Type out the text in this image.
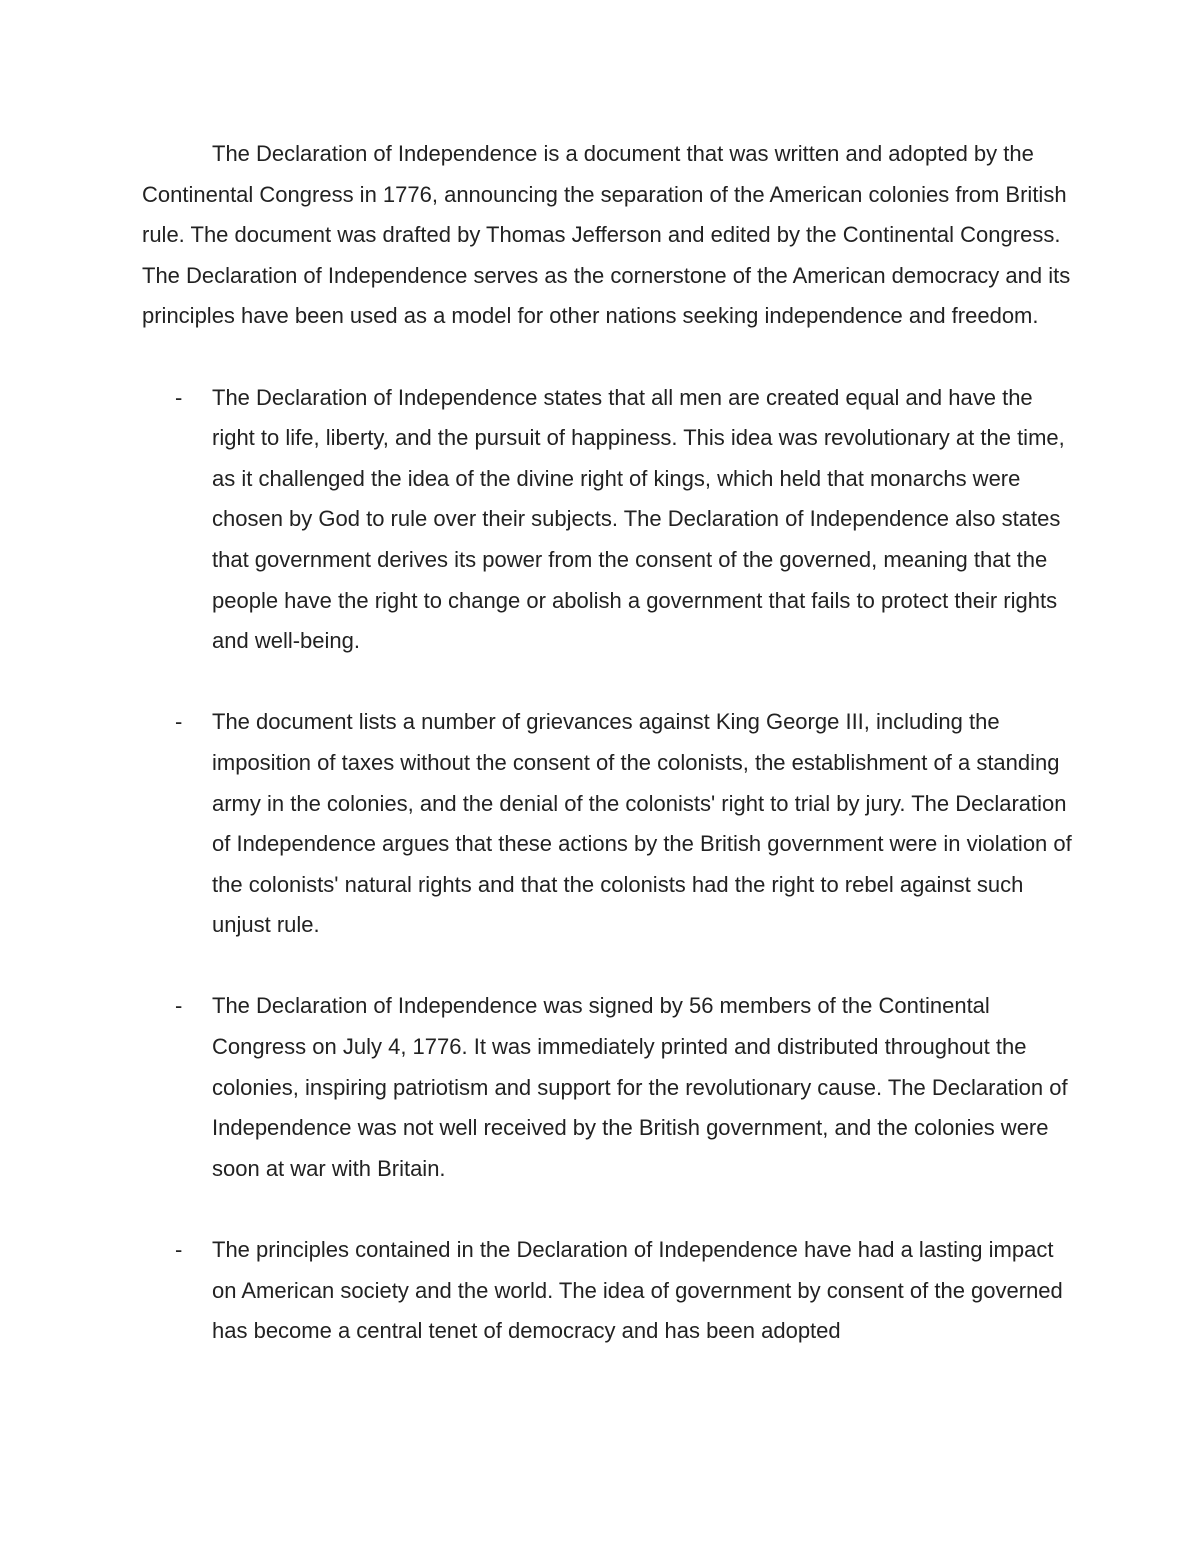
The Declaration of Independence is a document that was written and adopted by the Continental Congress in 1776, announcing the separation of the American colonies from British rule. The document was drafted by Thomas Jefferson and edited by the Continental Congress. The Declaration of Independence serves as the cornerstone of the American democracy and its principles have been used as a model for other nations seeking independence and freedom.

- The Declaration of Independence states that all men are created equal and have the right to life, liberty, and the pursuit of happiness. This idea was revolutionary at the time, as it challenged the idea of the divine right of kings, which held that monarchs were chosen by God to rule over their subjects. The Declaration of Independence also states that government derives its power from the consent of the governed, meaning that the people have the right to change or abolish a government that fails to protect their rights and well-being.
- The document lists a number of grievances against King George III, including the imposition of taxes without the consent of the colonists, the establishment of a standing army in the colonies, and the denial of the colonists' right to trial by jury. The Declaration of Independence argues that these actions by the British government were in violation of the colonists' natural rights and that the colonists had the right to rebel against such unjust rule.
- The Declaration of Independence was signed by 56 members of the Continental Congress on July 4, 1776. It was immediately printed and distributed throughout the colonies, inspiring patriotism and support for the revolutionary cause. The Declaration of Independence was not well received by the British government, and the colonies were soon at war with Britain.
- The principles contained in the Declaration of Independence have had a lasting impact on American society and the world. The idea of government by consent of the governed has become a central tenet of democracy and has been adopted
